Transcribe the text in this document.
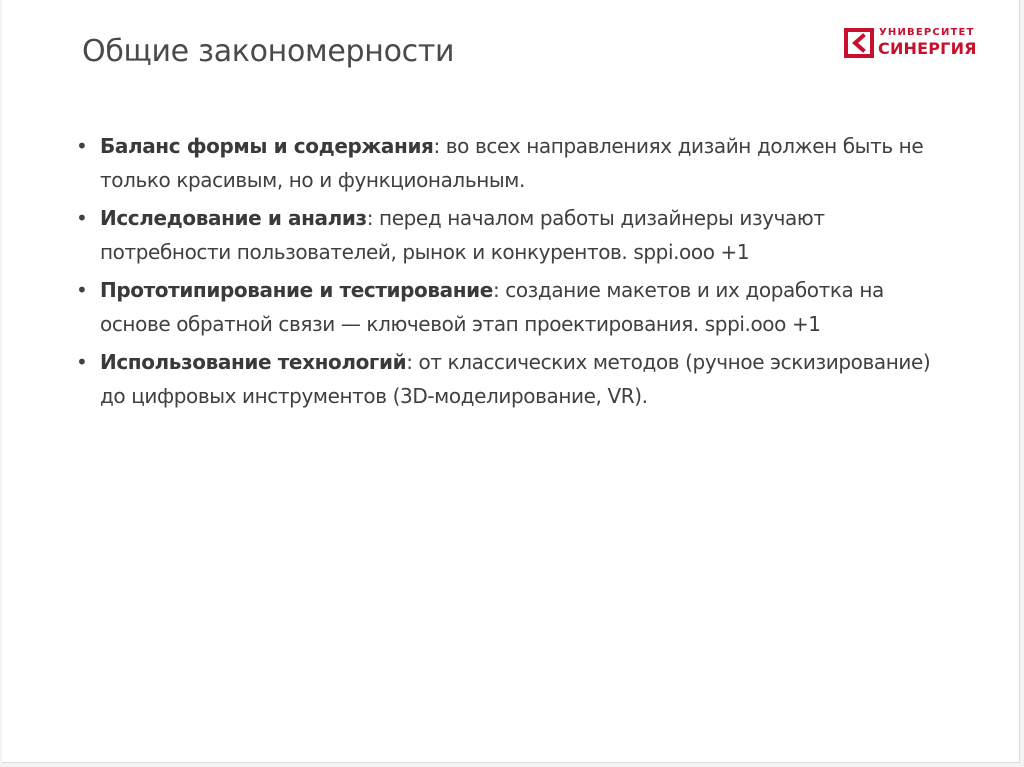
Общие закономерности
УНИВЕРСИТЕТ
СИНЕРГИЯ
• Баланс формы и содержания: во всех направлениях дизайн должен быть не только красивым, но и функциональным.
• Исследование и анализ: перед началом работы дизайнеры изучают потребности пользователей, рынок и конкурентов. sppi.ooo +1
• Прототипирование и тестирование: создание макетов и их доработка на основе обратной связи — ключевой этап проектирования. sppi.ooo +1
• Использование технологий: от классических методов (ручное эскизирование) до цифровых инструментов (3D-моделирование, VR).
